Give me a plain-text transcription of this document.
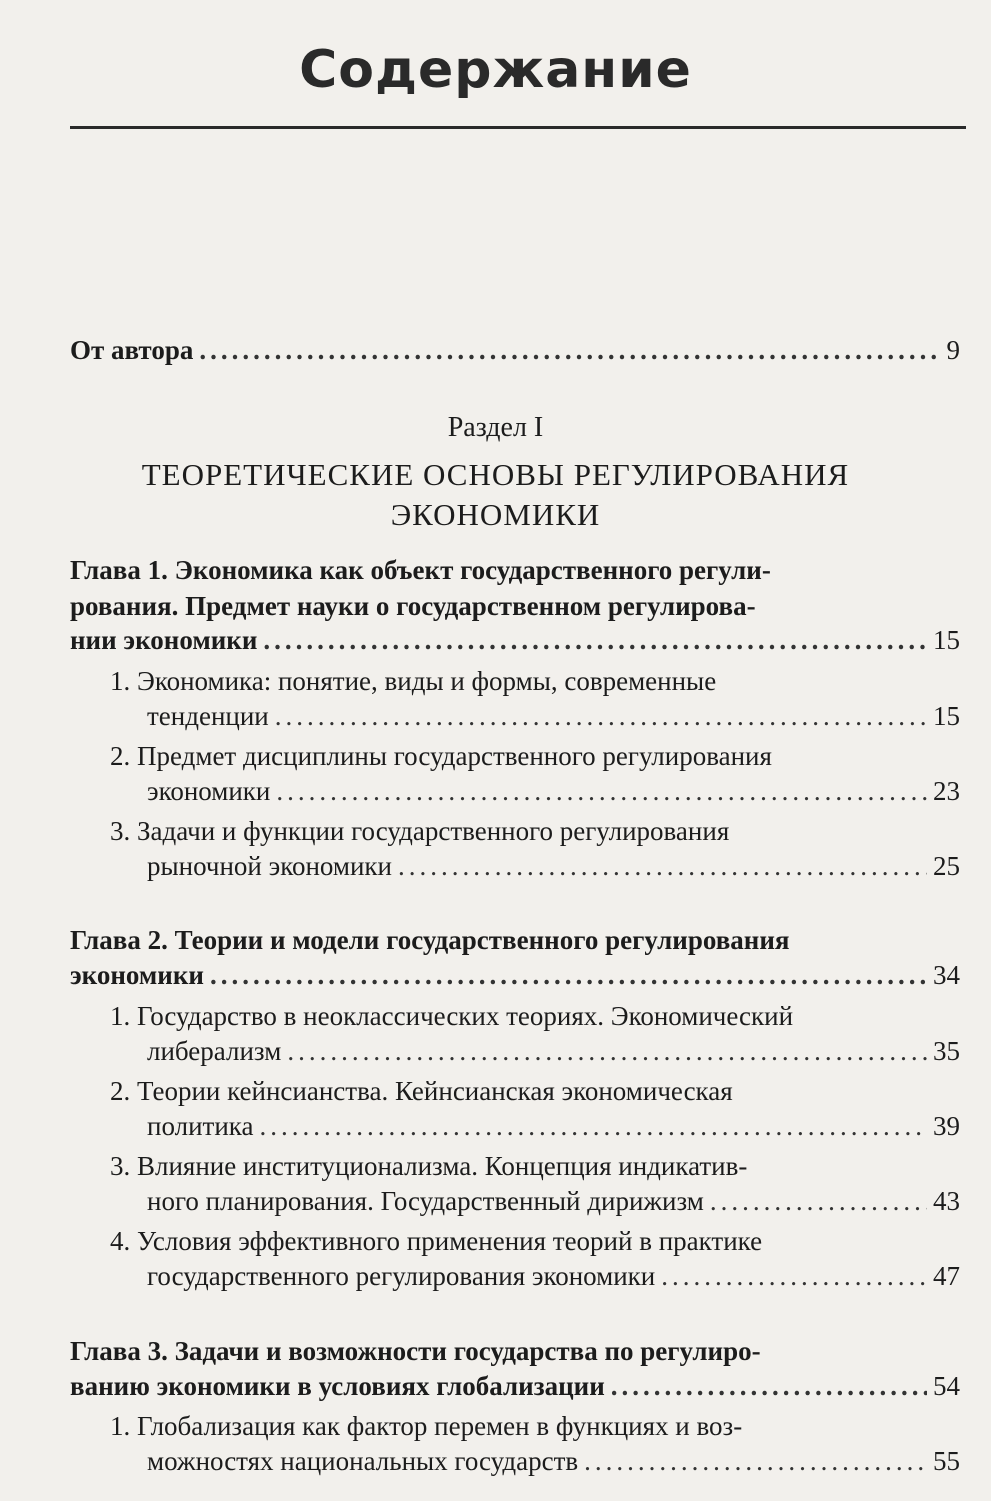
Содержание
От автора .....	9
Раздел I
ТЕОРЕТИЧЕСКИЕ ОСНОВЫ РЕГУЛИРОВАНИЯ
ЭКОНОМИКИ
Глава 1. Экономика как объект государственного регули-
рования. Предмет науки о государственном регулирова-
нии экономики .....	15
1. Экономика: понятие, виды и формы, современные
тенденции .....	15
2. Предмет дисциплины государственного регулирования
экономики .....	23
3. Задачи и функции государственного регулирования
рыночной экономики .....	25
Глава 2. Теории и модели государственного регулирования
экономики .....	34
1. Государство в неоклассических теориях. Экономический
либерализм .....	35
2. Теории кейнсианства. Кейнсианская экономическая
политика .....	39
3. Влияние институционализма. Концепция индикатив-
ного планирования. Государственный дирижизм .....	43
4. Условия эффективного применения теорий в практике
государственного регулирования экономики .....	47
Глава 3. Задачи и возможности государства по регулиро-
ванию экономики в условиях глобализации .....	54
1. Глобализация как фактор перемен в функциях и воз-
можностях национальных государств .....	55
